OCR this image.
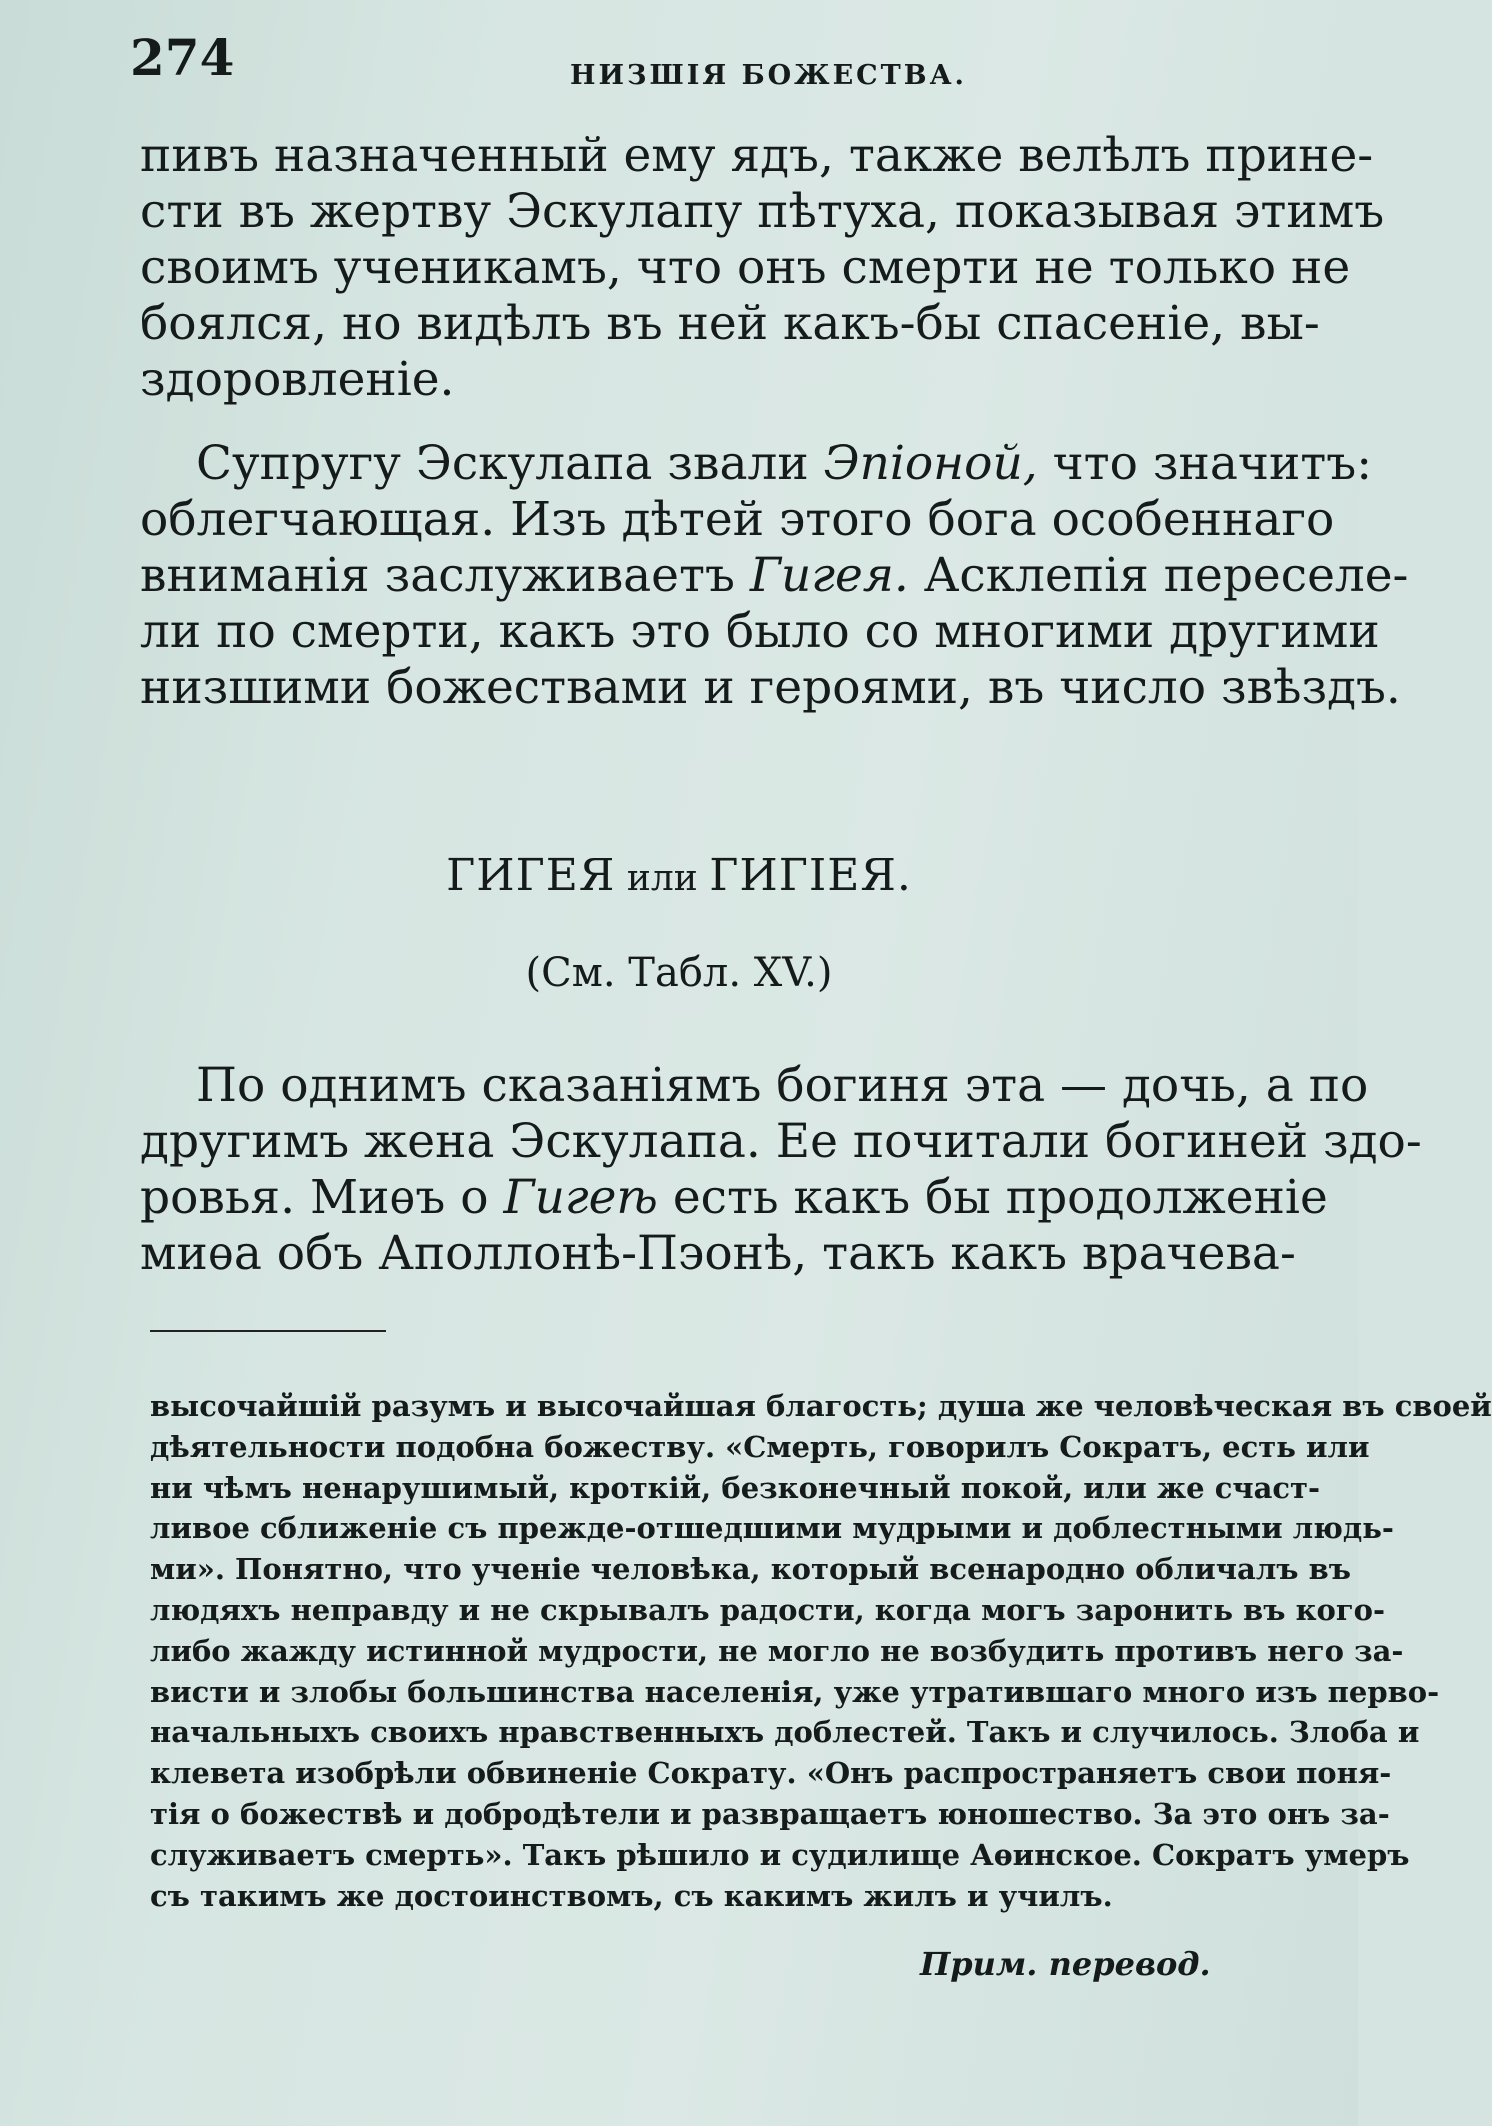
274	НИЗШІЯ БОЖЕСТВА.
пивъ назначенный ему ядъ, также велѣлъ прине-
сти въ жертву Эскулапу пѣтуха, показывая этимъ
своимъ ученикамъ, что онъ смерти не только не
боялся, но видѣлъ въ ней какъ-бы спасеніе, вы-
здоровленіе.
Супругу Эскулапа звали Эпіоной, что значитъ:
облегчающая. Изъ дѣтей этого бога особеннаго
вниманія заслуживаетъ Гигея. Асклепія переселе-
ли по смерти, какъ это было со многими другими
низшими божествами и героями, въ число звѣздъ.
ГИГЕЯ или ГИГІЕЯ.
(См. Табл. XV.)
По однимъ сказаніямъ богиня эта — дочь, а по
другимъ жена Эскулапа. Ее почитали богиней здо-
ровья. Миѳъ о Гигеѣ есть какъ бы продолженіе
миѳа объ Аполлонѣ-Пэонѣ, такъ какъ врачева-
высочайшій разумъ и высочайшая благость; душа же человѣческая въ своей
дѣятельности подобна божеству. «Смерть, говорилъ Сократъ, есть или
ни чѣмъ ненарушимый, кроткій, безконечный покой, или же счаст-
ливое сближеніе съ прежде-отшедшими мудрыми и доблестными людь-
ми». Понятно, что ученіе человѣка, который всенародно обличалъ въ
людяхъ неправду и не скрывалъ радости, когда могъ заронить въ кого-
либо жажду истинной мудрости, не могло не возбудить противъ него за-
висти и злобы большинства населенія, уже утратившаго много изъ перво-
начальныхъ своихъ нравственныхъ доблестей. Такъ и случилось. Злоба и
клевета изобрѣли обвиненіе Сократу. «Онъ распространяетъ свои поня-
тія о божествѣ и добродѣтели и развращаетъ юношество. За это онъ за-
служиваетъ смерть». Такъ рѣшило и судилище Аѳинское. Сократъ умеръ
съ такимъ же достоинствомъ, съ какимъ жилъ и училъ.
Прим. перевод.
